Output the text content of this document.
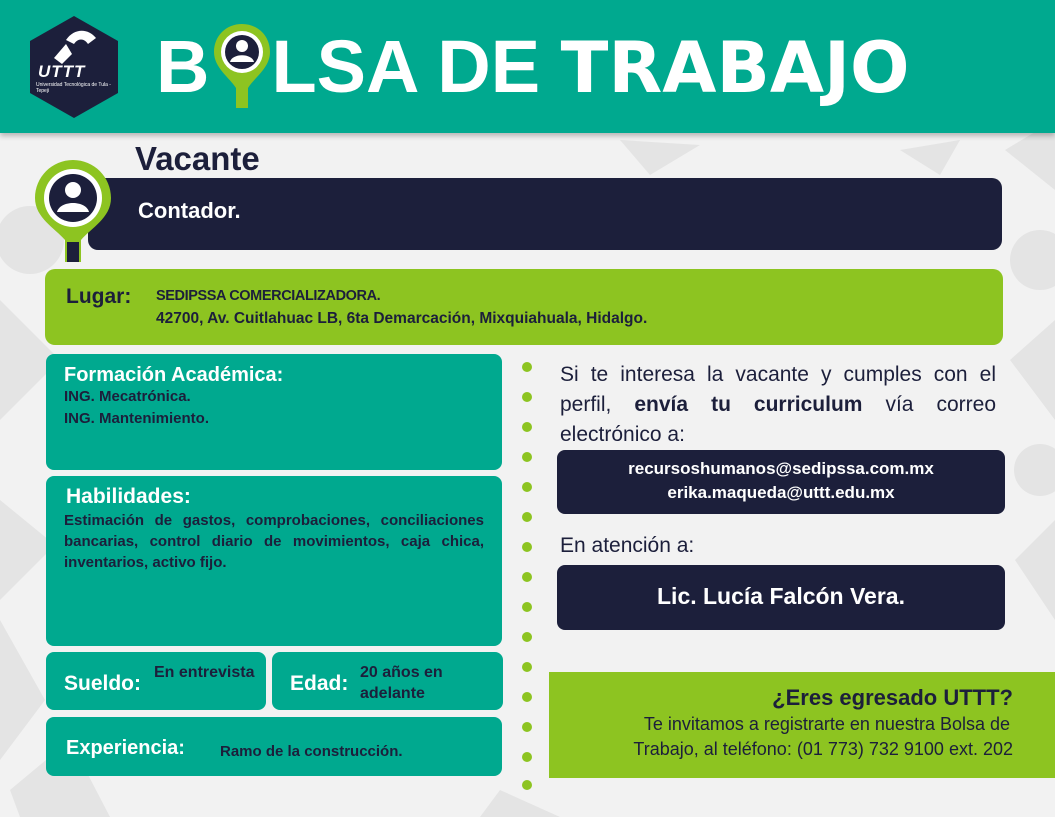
UTTT
Universidad Tecnológica de Tula - Tepeji	B LSA DE TRABAJO
Vacante
Contador.
Lugar: SEDIPSSA COMERCIALIZADORA.
42700, Av. Cuitlahuac LB, 6ta Demarcación, Mixquiahuala, Hidalgo.
Formación Académica:
ING. Mecatrónica.
ING. Mantenimiento.
Habilidades:
Estimación de gastos, comprobaciones, conciliaciones bancarias, control diario de movimientos, caja chica, inventarios, activo fijo.
Sueldo: En entrevista	Edad: 20 años en adelante
Experiencia: Ramo de la construcción.
Si te interesa la vacante y cumples con el perfil, envía tu curriculum vía correo electrónico a:
recursoshumanos@sedipssa.com.mx
erika.maqueda@uttt.edu.mx
En atención a:
Lic. Lucía Falcón Vera.
¿Eres egresado UTTT?
Te invitamos a registrarte en nuestra Bolsa de
Trabajo, al teléfono: (01 773) 732 9100 ext. 202
